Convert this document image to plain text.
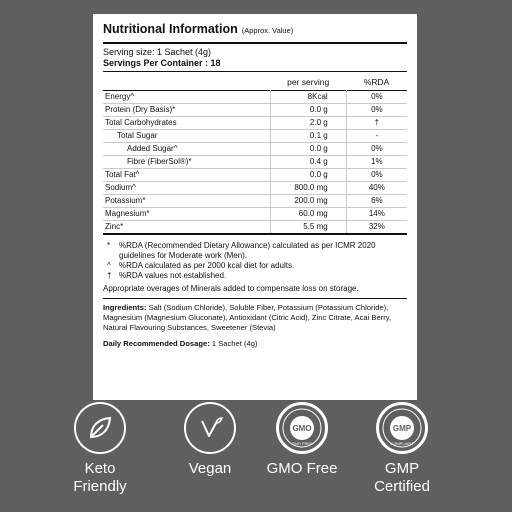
Nutritional Information (Approx. Value)
Serving size: 1 Sachet (4g)
Servings Per Container : 18
	per serving	%RDA
Energy^	8Kcal	0%
Protein (Dry Basis)*	0.0 g	0%
Total Carbohydrates	2.0 g	†
Total Sugar	0.1 g	-
Added Sugar^	0.0 g	0%
Fibre (FiberSol®)*	0.4 g	1%
Total Fat^	0.0 g	0%
Sodium^	800.0 mg	40%
Potassium*	200.0 mg	6%
Magnesium*	60.0 mg	14%
Zinc*	5.5 mg	32%
*	%RDA (Recommended Dietary Allowance) calculated as per ICMR 2020 guidelines for Moderate work (Men).
^	%RDA calculated as per 2000 kcal diet for adults.
† %RDA values not established.
Appropriate overages of Minerals added to compensate loss on storage.
Ingredients: Salt (Sodium Chloride), Soluble Fiber, Potassium (Potassium Chloride), Magnesium (Magnesium Gluconate), Antioxidant (Citric Acid), Zinc Citrate, Acai Berry, Natural Flavouring Substances, Sweetener (Stevia)
Daily Recommended Dosage: 1 Sachet (4g)
Keto
Friendly
Vegan
GMO
GMO FREE
GMO Free
GMP
COMPLIANT
GMP
Certified
